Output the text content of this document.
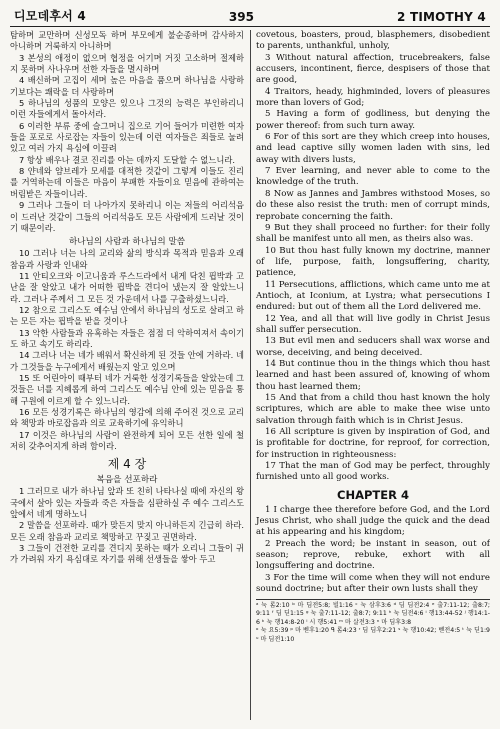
디모데후서 4	395	2 TIMOTHY 4

탐하며 교만하며 신성모독 하며 부모에게 불순종하며 감사하지 아니하며 거룩하지 아니하며

3 본성의 애정이 없으며 협정을 어기며 거짓 고소하며 절제하지 못하며 사나우며 선한 자들을 멸시하며

4 배신하며 고집이 세며 높은 마음을 품으며 하나님을 사랑하기보다는 쾌락을 더 사랑하며

5 하나님의 성품의 모양은 있으나 그것의 능력은 부인하리니 이런 자들에게서 돌아서라.

6 이러한 부류 중에 슬그머니 집으로 기어 들어가 미련한 여자들을 포로로 사로잡는 자들이 있는데 이런 여자들은 죄들로 눌려 있고 여러 가지 욕심에 이끌려

7 항상 배우나 결코 진리를 아는 데까지 도달할 수 없느니라.

8 얀네와 얌브레가 모세를 대적한 것같이 그렇게 이들도 진리를 거역하는데 이들은 마음이 부패한 자들이요 믿음에 관하여는 버림받은 자들이니라.

9 그러나 그들이 더 나아가지 못하리니 이는 저들의 어리석음이 드러난 것같이 그들의 어리석음도 모든 사람에게 드러날 것이기 때문이라.

하나님의 사람과 하나님의 말씀

10 그러나 너는 나의 교리와 삶의 방식과 목적과 믿음과 오래 참음과 사랑과 인내와

11 안티오크와 이고니움과 루스드라에서 내게 닥친 핍박과 고난을 잘 알았고 내가 어떠한 핍박을 견디어 냈는지 잘 알았느니라. 그러나 주께서 그 모든 것 가운데서 나를 구출하셨느니라.

12 참으로 그리스도 예수님 안에서 하나님의 성도로 살려고 하는 모든 자는 핍박을 받을 것이나

13 악한 사람들과 유혹하는 자들은 점점 더 악하여져서 속이기도 하고 속기도 하리라.

14 그러나 너는 네가 배워서 확신하게 된 것들 안에 거하라. 네가 그것들을 누구에게서 배웠는지 알고 있으며

15 또 어린아이 때부터 네가 거룩한 성경기록들을 알았는데 그것들은 너를 지혜롭게 하여 그리스도 예수님 안에 있는 믿음을 통해 구원에 이르게 할 수 있느니라.

16 모든 성경기록은 하나님의 영감에 의해 주어진 것으로 교리와 책망과 바로잡음과 의로 교육하기에 유익하니

17 이것은 하나님의 사람이 완전하게 되어 모든 선한 일에 철저히 갖추어지게 하려 함이라.

제 4 장
복음을 선포하라

1 그러므로 내가 하나님 앞과 또 친히 나타나실 때에 자신의 왕국에서 살아 있는 자들과 죽은 자들을 심판하실 주 예수 그리스도 앞에서 네게 명하노니

2 말씀을 선포하라. 때가 맞든지 맞지 아니하든지 긴급히 하라. 모든 오래 참음과 교리로 책망하고 꾸짖고 권면하라.

3 그들이 건전한 교리를 견디지 못하는 때가 오리니 그들이 귀가 가려워 자기 욕심대로 자기를 위해 선생들을 쌓아 두고

covetous, boasters, proud, blasphemers, disobedient to parents, unthankful, unholy,

3 Without natural affection, trucebreakers, false accusers, incontinent, fierce, despisers of those that are good,

4 Traitors, heady, highminded, lovers of pleasures more than lovers of God;

5 Having a form of godliness, but denying the power thereof: from such turn away.

6 For of this sort are they which creep into houses, and lead captive silly women laden with sins, led away with divers lusts,

7 Ever learning, and never able to come to the knowledge of the truth.

8 Now as Jannes and Jambres withstood Moses, so do these also resist the truth: men of corrupt minds, reprobate concerning the faith.

9 But they shall proceed no further: for their folly shall be manifest unto all men, as theirs also was.

10 But thou hast fully known my doctrine, manner of life, purpose, faith, longsuffering, charity, patience,

11 Persecutions, afflictions, which came unto me at Antioch, at Iconium, at Lystra; what persecutions I endured: but out of them all the Lord delivered me.

12 Yea, and all that will live godly in Christ Jesus shall suffer persecution.

13 But evil men and seducers shall wax worse and worse, deceiving, and being deceived.

14 But continue thou in the things which thou hast learned and hast been assured of, knowing of whom thou hast learned them;

15 And that from a child thou hast known the holy scriptures, which are able to make thee wise unto salvation through faith which is in Christ Jesus.

16 All scripture is given by inspiration of God, and is profitable for doctrine, for reproof, for correction, for instruction in righteousness:

17 That the man of God may be perfect, throughly furnished unto all good works.

CHAPTER 4

1 I charge thee therefore before God, and the Lord Jesus Christ, who shall judge the quick and the dead at his appearing and his kingdom;

2 Preach the word; be instant in season, out of season; reprove, rebuke, exhort with all longsuffering and doctrine.

3 For the time will come when they will not endure sound doctrine; but after their own lusts shall they

ᵃ 눅 롬2:10 ᵇ 마 딤전5:8; 빌1:16 ᶜ 눅 삼후3:6 ᵈ 딤 딤전2:4 ᵉ 출7:11-12; 출8:7; 9:11 ᶠ 딤 딛1:15 ᵍ 눅 출7:11-12; 출8:7; 9:11 ʰ 눅 딤전4:6 ⁱ 행13:44-52 ʲ 행14:1-6 ᵏ 눅 행14:8-20 ˡ 시 행5:41 ᵐ 마 살전3:3 ⁿ 마 딤후3:8

ᵒ 눅 요5:39 ᵖ 마 벧후1:20 ᑫ 롬4:23 ʳ 딤 딤후2:21 ˢ 눅 행10:42; 벧전4:5 ᵗ 눅 딛1:9 ᵘ 마 딤전1:10
